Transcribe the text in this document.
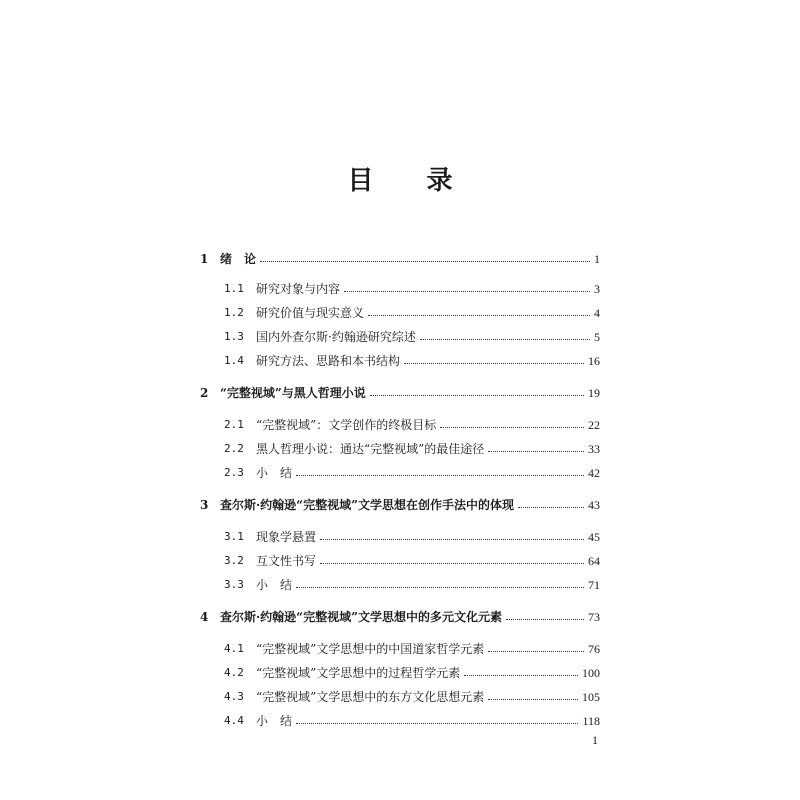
目 录
1 绪　论	1
1.1	研究对象与内容	3
1.2	研究价值与现实意义	4
1.3	国内外查尔斯·约翰逊研究综述	5
1.4	研究方法、思路和本书结构	16
2 “完整视域”与黑人哲理小说	19
2.1	“完整视域”：文学创作的终极目标	22
2.2	黑人哲理小说：通达“完整视域”的最佳途径	33
2.3	小　结	42
3 查尔斯·约翰逊“完整视域”文学思想在创作手法中的体现	43
3.1	现象学悬置	45
3.2	互文性书写	64
3.3	小　结	71
4 查尔斯·约翰逊“完整视域”文学思想中的多元文化元素	73
4.1	“完整视域”文学思想中的中国道家哲学元素	76
4.2	“完整视域”文学思想中的过程哲学元素	100
4.3	“完整视域”文学思想中的东方文化思想元素	105
4.4	小　结	118
1
